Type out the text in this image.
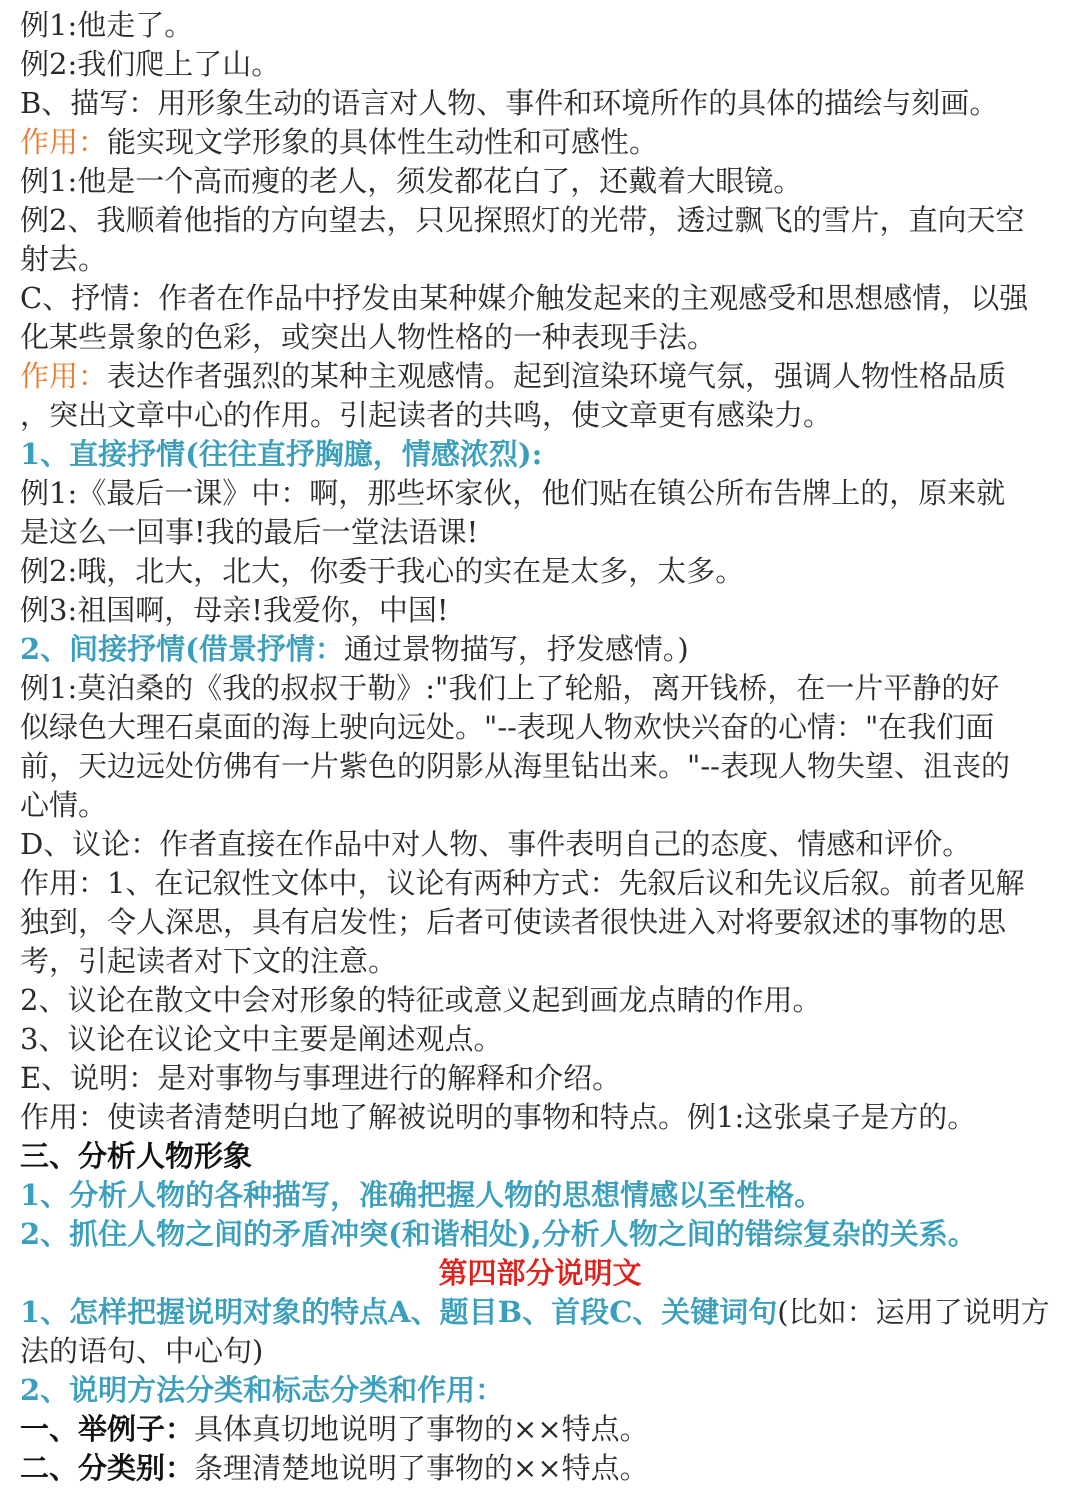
例1:他走了。
例2:我们爬上了山。
B、描写：用形象生动的语言对人物、事件和环境所作的具体的描绘与刻画。
作用：能实现文学形象的具体性生动性和可感性。
例1:他是一个高而瘦的老人，须发都花白了，还戴着大眼镜。
例2、我顺着他指的方向望去，只见探照灯的光带，透过飘飞的雪片，直向天空
射去。
C、抒情：作者在作品中抒发由某种媒介触发起来的主观感受和思想感情，以强
化某些景象的色彩，或突出人物性格的一种表现手法。
作用：表达作者强烈的某种主观感情。起到渲染环境气氛，强调人物性格品质
，突出文章中心的作用。引起读者的共鸣，使文章更有感染力。
1、直接抒情(往往直抒胸臆，情感浓烈):
例1:《最后一课》中：啊，那些坏家伙，他们贴在镇公所布告牌上的，原来就
是这么一回事!我的最后一堂法语课!
例2:哦，北大，北大，你委于我心的实在是太多，太多。
例3:祖国啊，母亲!我爱你，中国!
2、间接抒情(借景抒情：通过景物描写，抒发感情。)
例1:莫泊桑的《我的叔叔于勒》:"我们上了轮船，离开钱桥，在一片平静的好
似绿色大理石桌面的海上驶向远处。"--表现人物欢快兴奋的心情："在我们面
前，天边远处仿佛有一片紫色的阴影从海里钻出来。"--表现人物失望、沮丧的
心情。
D、议论：作者直接在作品中对人物、事件表明自己的态度、情感和评价。
作用：1、在记叙性文体中，议论有两种方式：先叙后议和先议后叙。前者见解
独到，令人深思，具有启发性；后者可使读者很快进入对将要叙述的事物的思
考，引起读者对下文的注意。
2、议论在散文中会对形象的特征或意义起到画龙点睛的作用。
3、议论在议论文中主要是阐述观点。
E、说明：是对事物与事理进行的解释和介绍。
作用：使读者清楚明白地了解被说明的事物和特点。例1:这张桌子是方的。
三、分析人物形象
1、分析人物的各种描写，准确把握人物的思想情感以至性格。
2、抓住人物之间的矛盾冲突(和谐相处),分析人物之间的错综复杂的关系。
第四部分说明文
1、怎样把握说明对象的特点A、题目B、首段C、关键词句(比如：运用了说明方
法的语句、中心句)
2、说明方法分类和标志分类和作用：
一、举例子：具体真切地说明了事物的××特点。
二、分类别：条理清楚地说明了事物的××特点。
